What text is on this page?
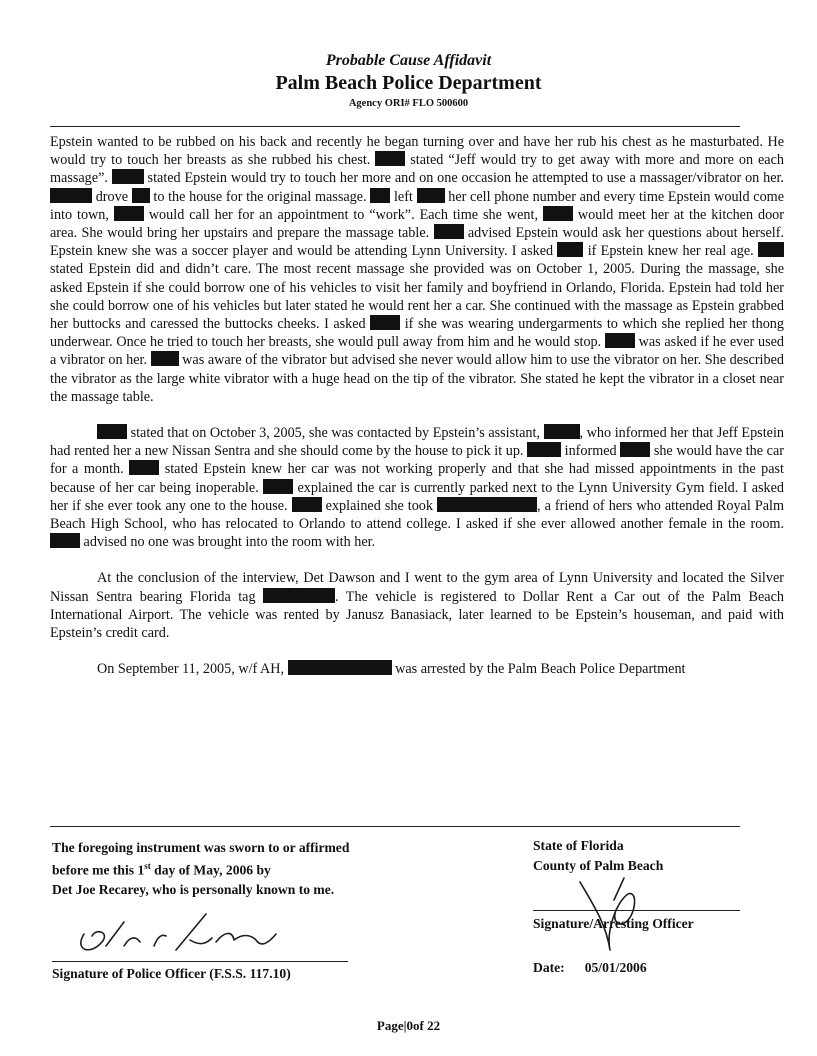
Probable Cause Affidavit
Palm Beach Police Department
Agency ORI# FLO 500600

Epstein wanted to be rubbed on his back and recently he began turning over and have her rub his chest as he masturbated. He would try to touch her breasts as she rubbed his chest.  stated “Jeff would try to get away with more and more on each massage”.  stated Epstein would try to touch her more and on one occasion he attempted to use a massager/vibrator on her.  drove  to the house for the original massage.  left  her cell phone number and every time Epstein would come into town,  would call her for an appointment to “work”. Each time she went,  would meet her at the kitchen door area. She would bring her upstairs and prepare the massage table.  advised Epstein would ask her questions about herself. Epstein knew she was a soccer player and would be attending Lynn University. I asked  if Epstein knew her real age.  stated Epstein did and didn’t care. The most recent massage she provided was on October 1, 2005. During the massage, she asked Epstein if she could borrow one of his vehicles to visit her family and boyfriend in Orlando, Florida. Epstein had told her she could borrow one of his vehicles but later stated he would rent her a car. She continued with the massage as Epstein grabbed her buttocks and caressed the buttocks cheeks. I asked  if she was wearing undergarments to which she replied her thong underwear. Once he tried to touch her breasts, she would pull away from him and he would stop.  was asked if he ever used a vibrator on her.  was aware of the vibrator but advised she never would allow him to use the vibrator on her. She described the vibrator as the large white vibrator with a huge head on the tip of the vibrator. She stated he kept the vibrator in a closet near the massage table.

stated that on October 3, 2005, she was contacted by Epstein’s assistant,	, who informed her that Jeff Epstein had rented her a new Nissan Sentra and she should come by the house to pick it up.  informed  she would have the car for a month.  stated Epstein knew her car was not working properly and that she had missed appointments in the past because of her car being inoperable.  explained the car is currently parked next to the Lynn University Gym field. I asked her if she ever took any one to the house.  explained she took	, a friend of hers who attended Royal Palm Beach High School, who has relocated to Orlando to attend college. I asked if she ever allowed another female in the room.  advised no one was brought into the room with her.

At the conclusion of the interview, Det Dawson and I went to the gym area of Lynn University and located the Silver Nissan Sentra bearing Florida tag	. The vehicle is registered to Dollar Rent a Car out of the Palm Beach International Airport. The vehicle was rented by Janusz Banasiack, later learned to be Epstein’s houseman, and paid with Epstein’s credit card.

On September 11, 2005, w/f AH,	was arrested by the Palm Beach Police Department

The foregoing instrument was sworn to or affirmed
before me this 1st day of May, 2006 by
Det Joe Recarey, who is personally known to me.
Signature of Police Officer (F.S.S. 117.10)
State of Florida
County of Palm Beach
Signature/Arresting Officer
Date: 05/01/2006
Page|0of 22
